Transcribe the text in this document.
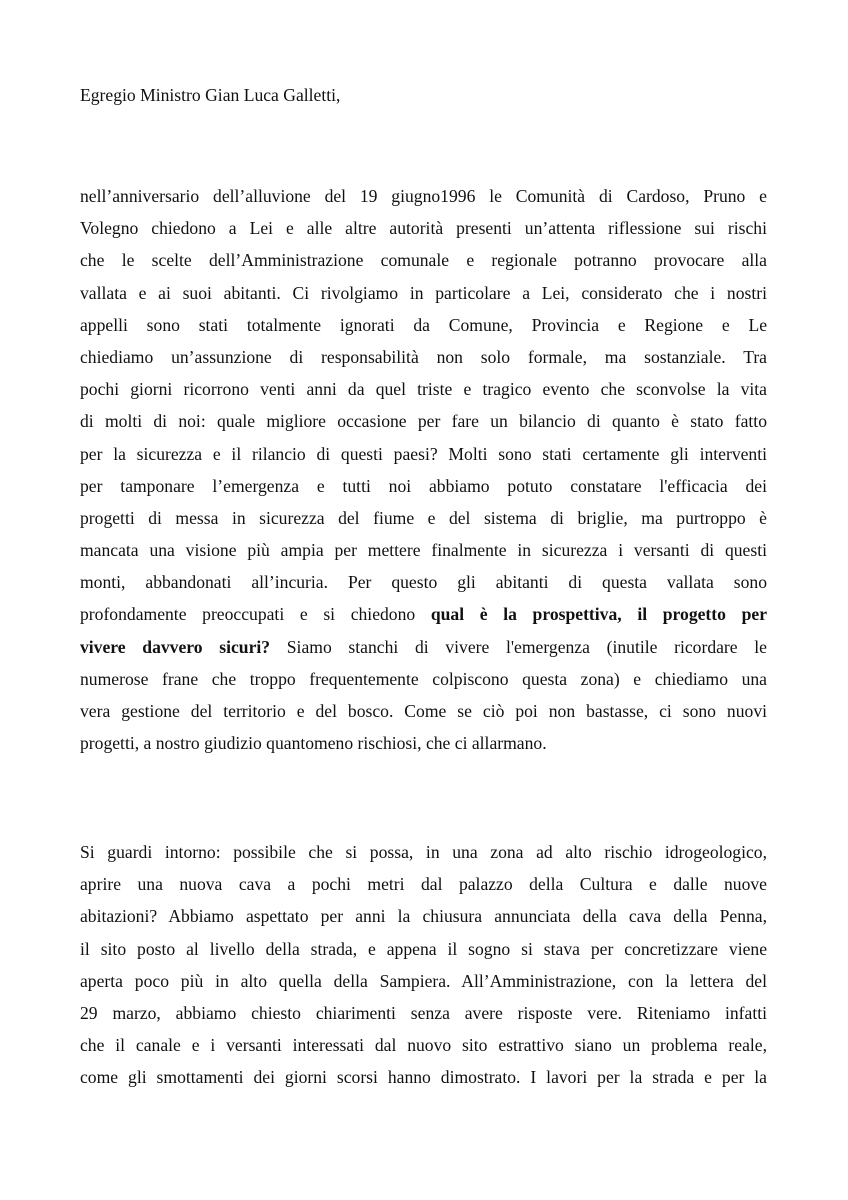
Egregio Ministro Gian Luca Galletti,
nell’anniversario dell’alluvione del 19 giugno1996 le Comunità di Cardoso, Pruno e
Volegno chiedono a Lei e alle altre autorità presenti un’attenta riflessione sui rischi
che le scelte dell’Amministrazione comunale e regionale potranno provocare alla
vallata e ai suoi abitanti. Ci rivolgiamo in particolare a Lei, considerato che i nostri
appelli sono stati totalmente ignorati da Comune, Provincia e Regione e Le
chiediamo un’assunzione di responsabilità non solo formale, ma sostanziale. Tra
pochi giorni ricorrono venti anni da quel triste e tragico evento che sconvolse la vita
di molti di noi: quale migliore occasione per fare un bilancio di quanto è stato fatto
per la sicurezza e il rilancio di questi paesi? Molti sono stati certamente gli interventi
per tamponare l’emergenza e tutti noi abbiamo potuto constatare l'efficacia dei
progetti di messa in sicurezza del fiume e del sistema di briglie, ma purtroppo è
mancata una visione più ampia per mettere finalmente in sicurezza i versanti di questi
monti, abbandonati all’incuria. Per questo gli abitanti di questa vallata sono
profondamente preoccupati e si chiedono qual è la prospettiva, il progetto per
vivere davvero sicuri? Siamo stanchi di vivere l'emergenza (inutile ricordare le
numerose frane che troppo frequentemente colpiscono questa zona) e chiediamo una
vera gestione del territorio e del bosco. Come se ciò poi non bastasse, ci sono nuovi
progetti, a nostro giudizio quantomeno rischiosi, che ci allarmano.
Si guardi intorno: possibile che si possa, in una zona ad alto rischio idrogeologico,
aprire una nuova cava a pochi metri dal palazzo della Cultura e dalle nuove
abitazioni? Abbiamo aspettato per anni la chiusura annunciata della cava della Penna,
il sito posto al livello della strada, e appena il sogno si stava per concretizzare viene
aperta poco più in alto quella della Sampiera. All’Amministrazione, con la lettera del
29 marzo, abbiamo chiesto chiarimenti senza avere risposte vere. Riteniamo infatti
che il canale e i versanti interessati dal nuovo sito estrattivo siano un problema reale,
come gli smottamenti dei giorni scorsi hanno dimostrato. I lavori per la strada e per la
